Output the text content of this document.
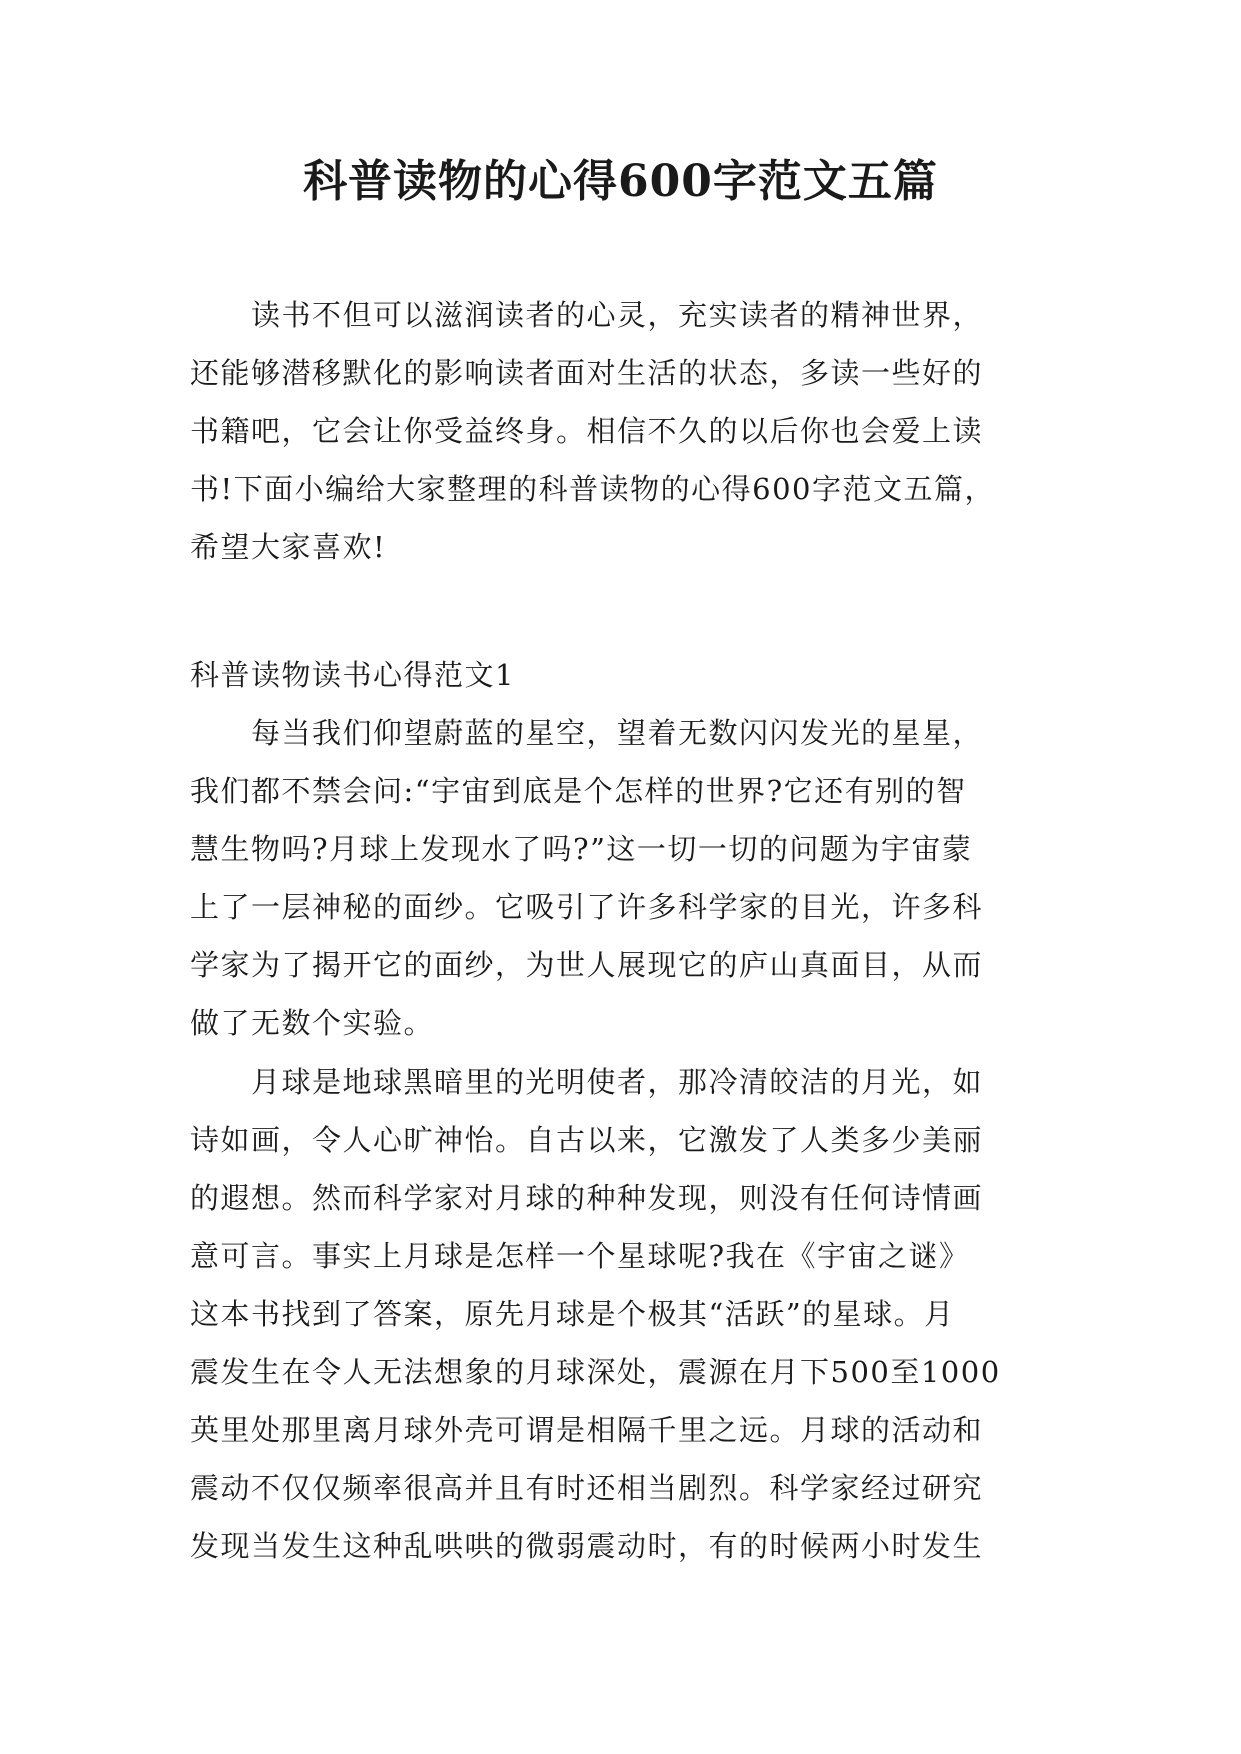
科普读物的心得600字范文五篇
　　读书不但可以滋润读者的心灵，充实读者的精神世界，
还能够潜移默化的影响读者面对生活的状态，多读一些好的
书籍吧，它会让你受益终身。相信不久的以后你也会爱上读
书!下面小编给大家整理的科普读物的心得600字范文五篇，
希望大家喜欢!
科普读物读书心得范文1
　　每当我们仰望蔚蓝的星空，望着无数闪闪发光的星星，
我们都不禁会问:“宇宙到底是个怎样的世界?它还有别的智
慧生物吗?月球上发现水了吗?”这一切一切的问题为宇宙蒙
上了一层神秘的面纱。它吸引了许多科学家的目光，许多科
学家为了揭开它的面纱，为世人展现它的庐山真面目，从而
做了无数个实验。
　　月球是地球黑暗里的光明使者，那冷清皎洁的月光，如
诗如画，令人心旷神怡。自古以来，它激发了人类多少美丽
的遐想。然而科学家对月球的种种发现，则没有任何诗情画
意可言。事实上月球是怎样一个星球呢?我在《宇宙之谜》
这本书找到了答案，原先月球是个极其“活跃”的星球。月
震发生在令人无法想象的月球深处，震源在月下500至1000
英里处那里离月球外壳可谓是相隔千里之远。月球的活动和
震动不仅仅频率很高并且有时还相当剧烈。科学家经过研究
发现当发生这种乱哄哄的微弱震动时，有的时候两小时发生
